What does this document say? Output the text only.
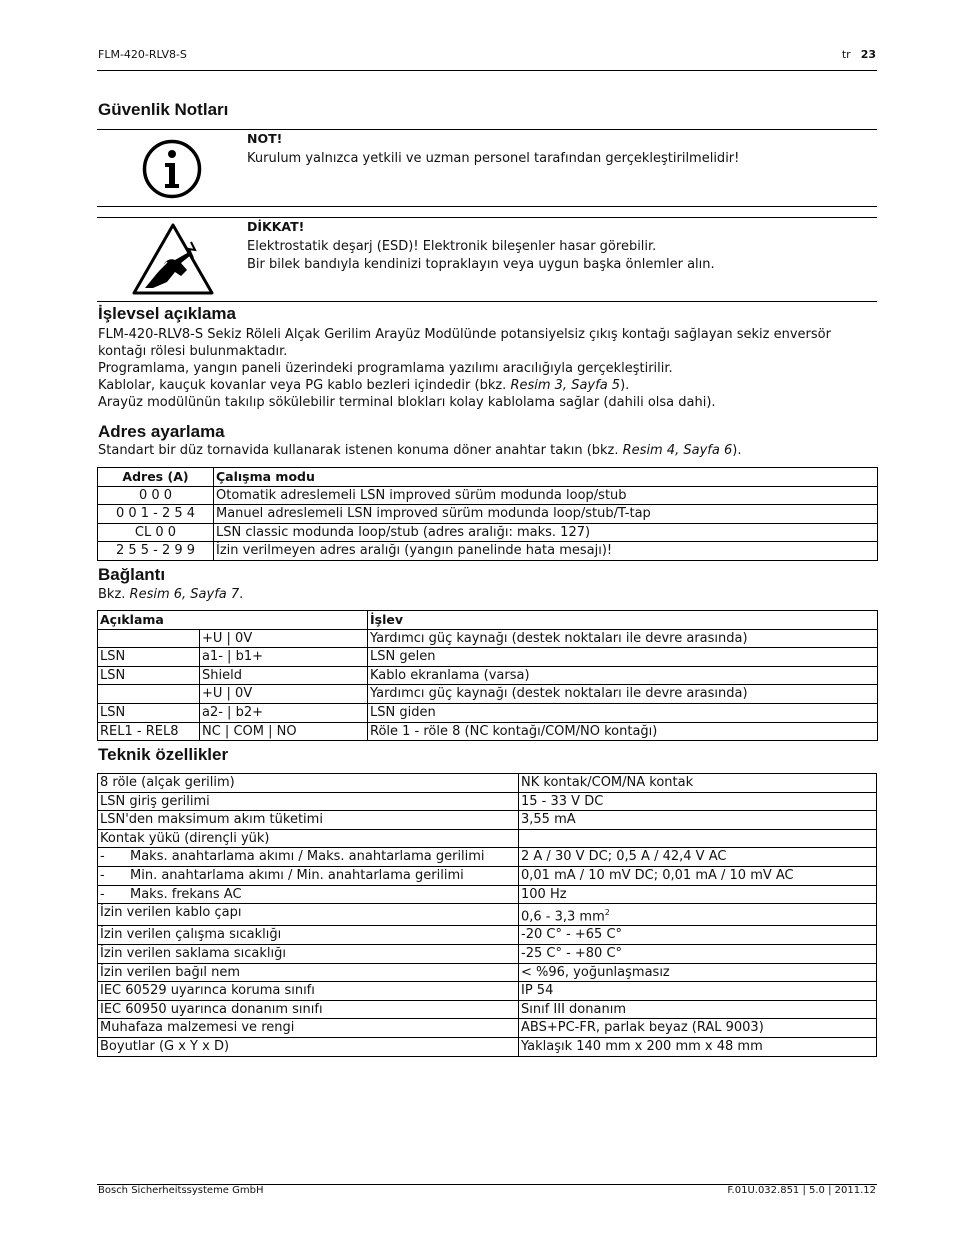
FLM-420-RLV8-S	tr 23
Güvenlik Notları
NOT!
Kurulum yalnızca yetkili ve uzman personel tarafından gerçekleştirilmelidir!
DİKKAT!
Elektrostatik deşarj (ESD)! Elektronik bileşenler hasar görebilir.
Bir bilek bandıyla kendinizi topraklayın veya uygun başka önlemler alın.
İşlevsel açıklama

FLM-420-RLV8-S Sekiz Röleli Alçak Gerilim Arayüz Modülünde potansiyelsiz çıkış kontağı sağlayan sekiz enversör kontağı rölesi bulunmaktadır.

Programlama, yangın paneli üzerindeki programlama yazılımı aracılığıyla gerçekleştirilir.

Kablolar, kauçuk kovanlar veya PG kablo bezleri içindedir (bkz. Resim 3, Sayfa 5).

Arayüz modülünün takılıp sökülebilir terminal blokları kolay kablolama sağlar (dahili olsa dahi).

Adres ayarlama
Standart bir düz tornavida kullanarak istenen konuma döner anahtar takın (bkz. Resim 4, Sayfa 6).
Adres (A)	Çalışma modu
0 0 0	Otomatik adreslemeli LSN improved sürüm modunda loop/stub
0 0 1 - 2 5 4	Manuel adreslemeli LSN improved sürüm modunda loop/stub/T-tap
CL 0 0	LSN classic modunda loop/stub (adres aralığı: maks. 127)
2 5 5 - 2 9 9	İzin verilmeyen adres aralığı (yangın panelinde hata mesajı)!
Bağlantı
Bkz. Resim 6, Sayfa 7.
Açıklama		İşlev
	+U | 0V	Yardımcı güç kaynağı (destek noktaları ile devre arasında)
LSN	a1- | b1+	LSN gelen
LSN	Shield	Kablo ekranlama (varsa)
	+U | 0V	Yardımcı güç kaynağı (destek noktaları ile devre arasında)
LSN	a2- | b2+	LSN giden
REL1 - REL8	NC | COM | NO	Röle 1 - röle 8 (NC kontağı/COM/NO kontağı)
Teknik özellikler
8 röle (alçak gerilim)	NK kontak/COM/NA kontak
LSN giriş gerilimi	15 - 33 V DC
LSN'den maksimum akım tüketimi	3,55 mA
Kontak yükü (dirençli yük)	
- Maks. anahtarlama akımı / Maks. anahtarlama gerilimi	2 A / 30 V DC; 0,5 A / 42,4 V AC
- Min. anahtarlama akımı / Min. anahtarlama gerilimi	0,01 mA / 10 mV DC; 0,01 mA / 10 mV AC
- Maks. frekans AC	100 Hz
İzin verilen kablo çapı	0,6 - 3,3 $mm^2$
İzin verilen çalışma sıcaklığı	-20 C° - +65 C°
İzin verilen saklama sıcaklığı	-25 C° - +80 C°
İzin verilen bağıl nem	< %96, yoğunlaşmasız
IEC 60529 uyarınca koruma sınıfı	IP 54
IEC 60950 uyarınca donanım sınıfı	Sınıf III donanım
Muhafaza malzemesi ve rengi	ABS+PC-FR, parlak beyaz (RAL 9003)
Boyutlar (G x Y x D)	Yaklaşık 140 mm x 200 mm x 48 mm
Bosch Sicherheitssysteme GmbH	F.01U.032.851 | 5.0 | 2011.12
